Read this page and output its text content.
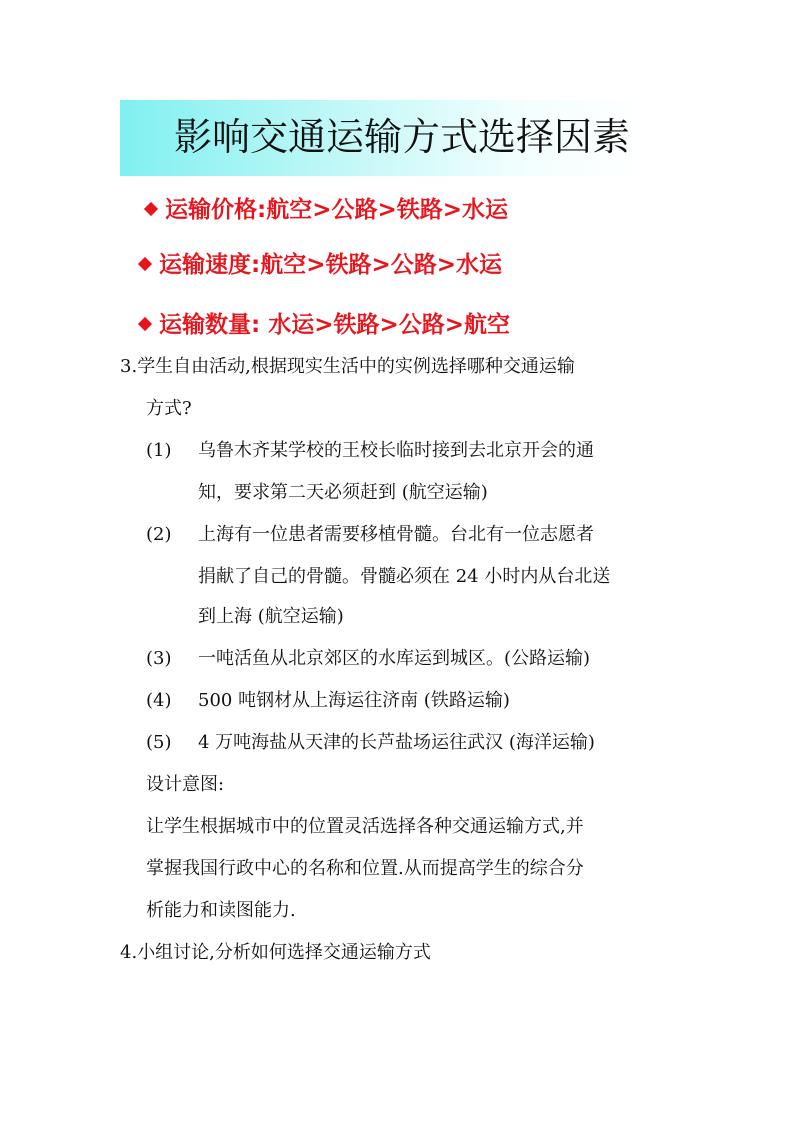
影响交通运输方式选择因素
运输价格:航空>公路>铁路>水运
运输速度:航空>铁路>公路>水运
运输数量: 水运>铁路>公路>航空
3.学生自由活动,根据现实生活中的实例选择哪种交通运输
方式?
(1) 乌鲁木齐某学校的王校长临时接到去北京开会的通
知，要求第二天必须赶到 (航空运输)
(2) 上海有一位患者需要移植骨髓。台北有一位志愿者
捐献了自己的骨髓。骨髓必须在 24 小时内从台北送
到上海 (航空运输)
(3) 一吨活鱼从北京郊区的水库运到城区。(公路运输)
(4) 500 吨钢材从上海运往济南 (铁路运输)
(5) 4 万吨海盐从天津的长芦盐场运往武汉 (海洋运输)
设计意图:
让学生根据城市中的位置灵活选择各种交通运输方式,并
掌握我国行政中心的名称和位置.从而提高学生的综合分
析能力和读图能力.
4.小组讨论,分析如何选择交通运输方式
